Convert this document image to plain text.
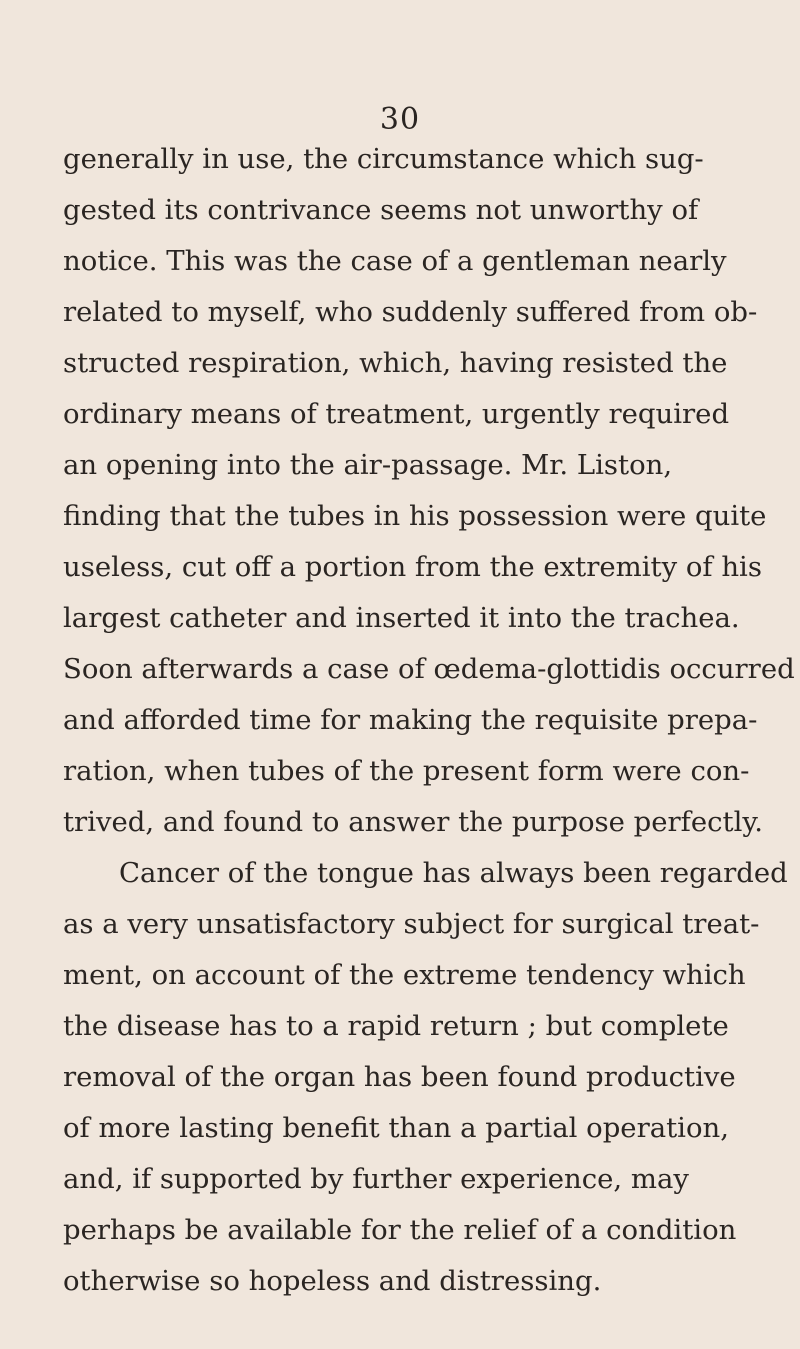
30
generally in use, the circumstance which sug-
gested its contrivance seems not unworthy of
notice. This was the case of a gentleman nearly
related to myself, who suddenly suffered from ob-
structed respiration, which, having resisted the
ordinary means of treatment, urgently required
an opening into the air-passage. Mr. Liston,
finding that the tubes in his possession were quite
useless, cut off a portion from the extremity of his
largest catheter and inserted it into the trachea.
Soon afterwards a case of œdema-glottidis occurred
and afforded time for making the requisite prepa-
ration, when tubes of the present form were con-
trived, and found to answer the purpose perfectly.
Cancer of the tongue has always been regarded
as a very unsatisfactory subject for surgical treat-
ment, on account of the extreme tendency which
the disease has to a rapid return ; but complete
removal of the organ has been found productive
of more lasting benefit than a partial operation,
and, if supported by further experience, may
perhaps be available for the relief of a condition
otherwise so hopeless and distressing.
